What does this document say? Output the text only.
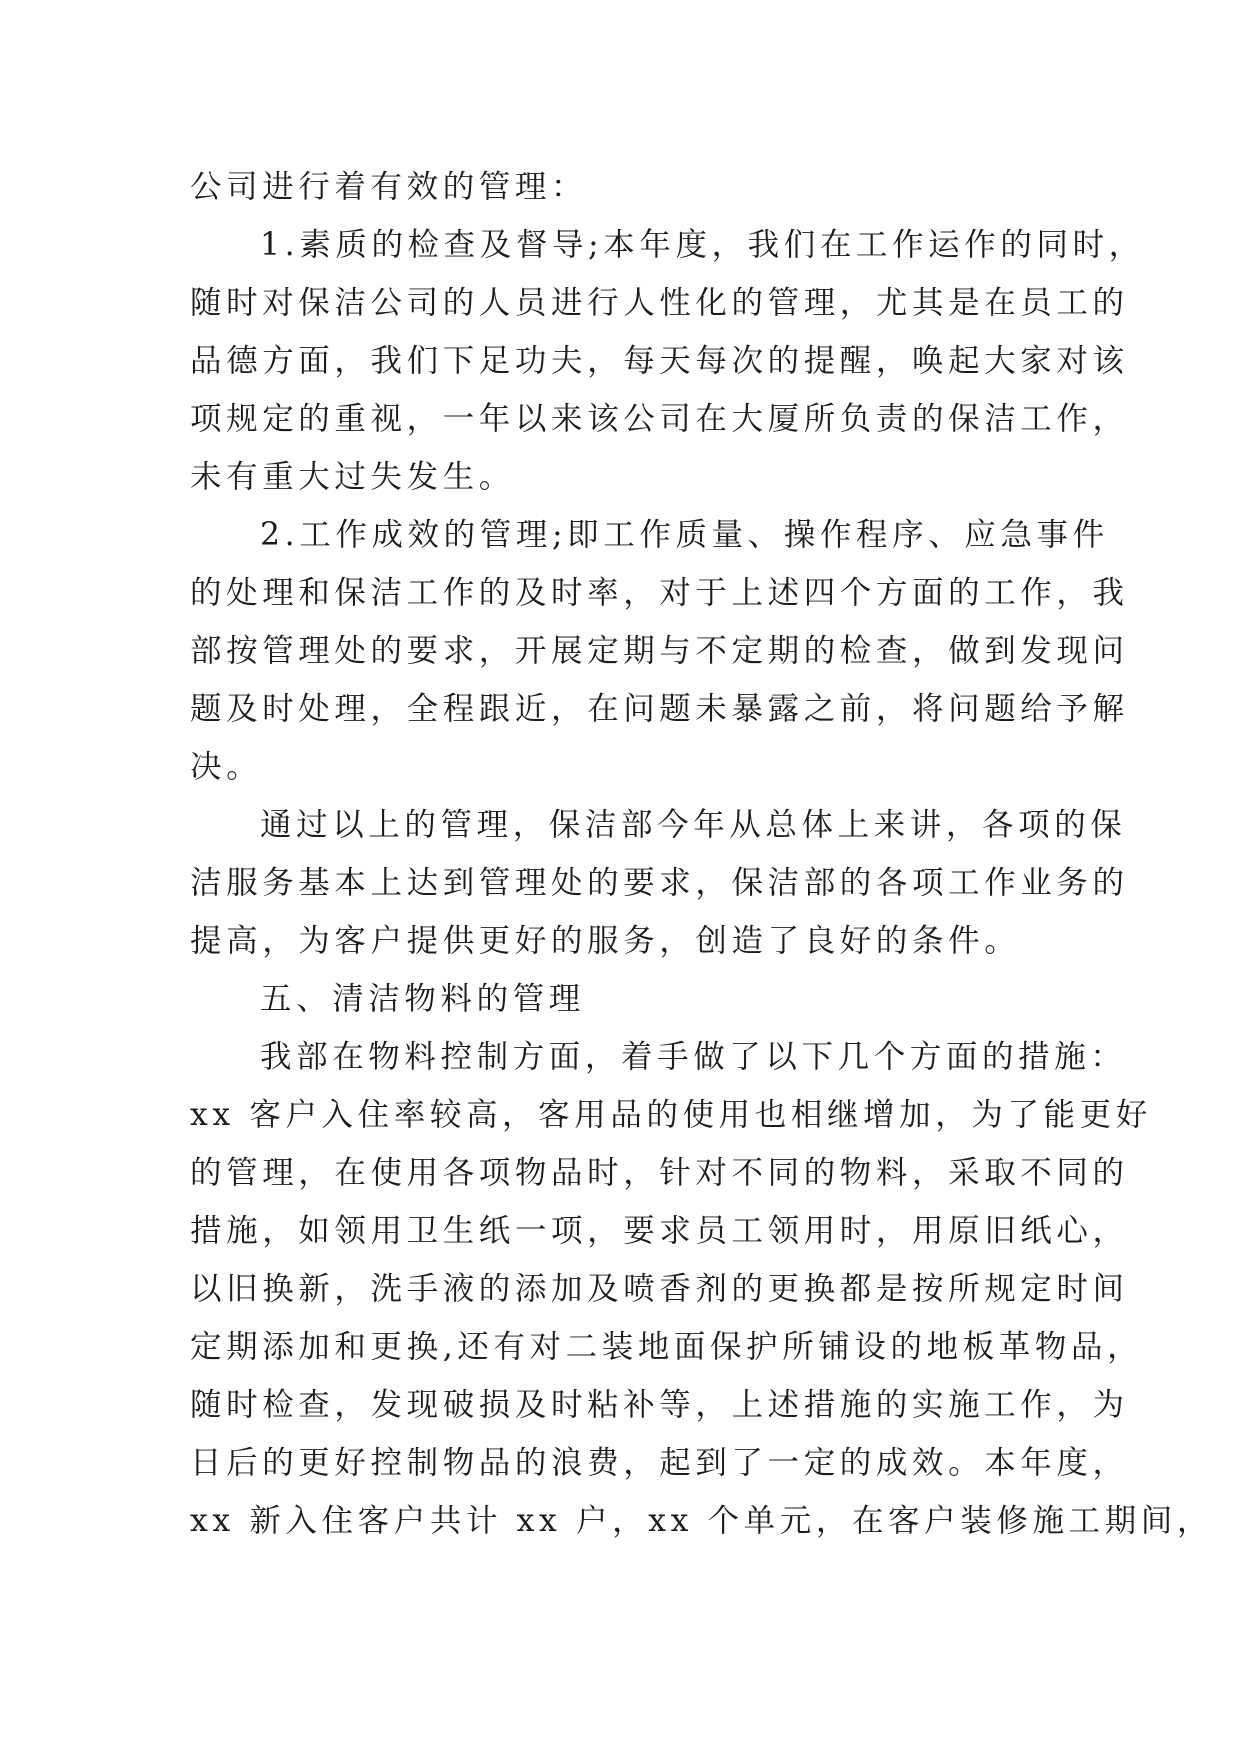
公司进行着有效的管理：
1.素质的检查及督导;本年度，我们在工作运作的同时，
随时对保洁公司的人员进行人性化的管理，尤其是在员工的
品德方面，我们下足功夫，每天每次的提醒，唤起大家对该
项规定的重视，一年以来该公司在大厦所负责的保洁工作，
未有重大过失发生。
2.工作成效的管理;即工作质量、操作程序、应急事件
的处理和保洁工作的及时率，对于上述四个方面的工作，我
部按管理处的要求，开展定期与不定期的检查，做到发现问
题及时处理，全程跟近，在问题未暴露之前，将问题给予解
决。
通过以上的管理，保洁部今年从总体上来讲，各项的保
洁服务基本上达到管理处的要求，保洁部的各项工作业务的
提高，为客户提供更好的服务，创造了良好的条件。
五、清洁物料的管理
我部在物料控制方面，着手做了以下几个方面的措施：
xx 客户入住率较高，客用品的使用也相继增加，为了能更好
的管理，在使用各项物品时，针对不同的物料，采取不同的
措施，如领用卫生纸一项，要求员工领用时，用原旧纸心，
以旧换新，洗手液的添加及喷香剂的更换都是按所规定时间
定期添加和更换,还有对二装地面保护所铺设的地板革物品，
随时检查，发现破损及时粘补等，上述措施的实施工作，为
日后的更好控制物品的浪费，起到了一定的成效。本年度，
xx 新入住客户共计 xx 户，xx 个单元，在客户装修施工期间，
